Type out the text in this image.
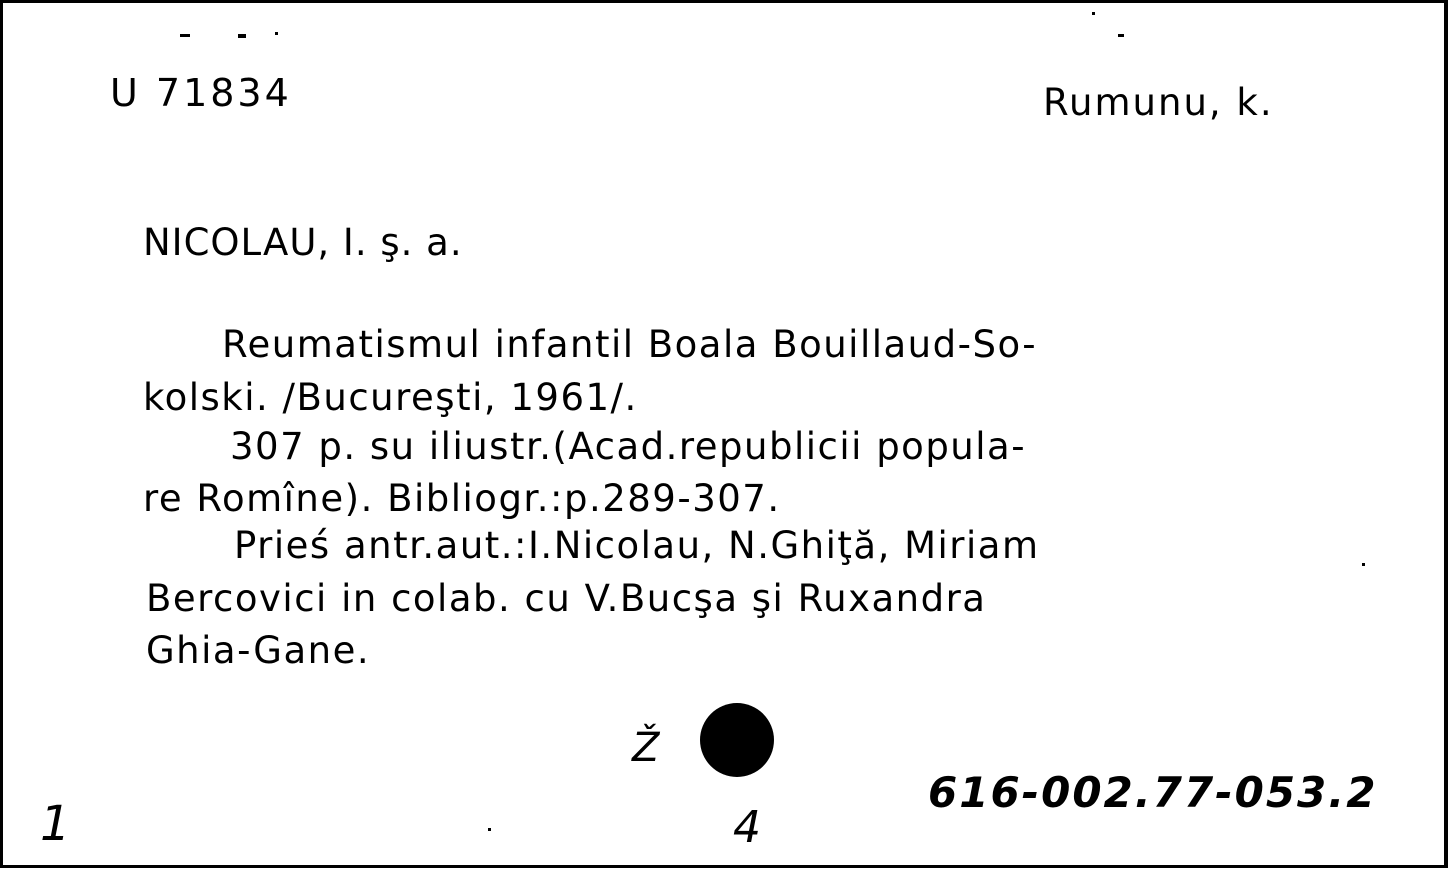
U 71834	Rumunu, k.
NICOLAU, I. ş. a.
Reumatismul infantil Boala Bouillaud-So-
kolski. /Bucureşti, 1961/.
307 p. su iliustr.(Acad.republicii popula-
re Romîne). Bibliogr.:p.289-307.
Prieś antr.aut.:I.Nicolau, N.Ghiţă, Miriam
Bercovici in colab. cu V.Bucşa şi Ruxandra
Ghia-Gane.
1
Ž
4
616-002.77-053.2
